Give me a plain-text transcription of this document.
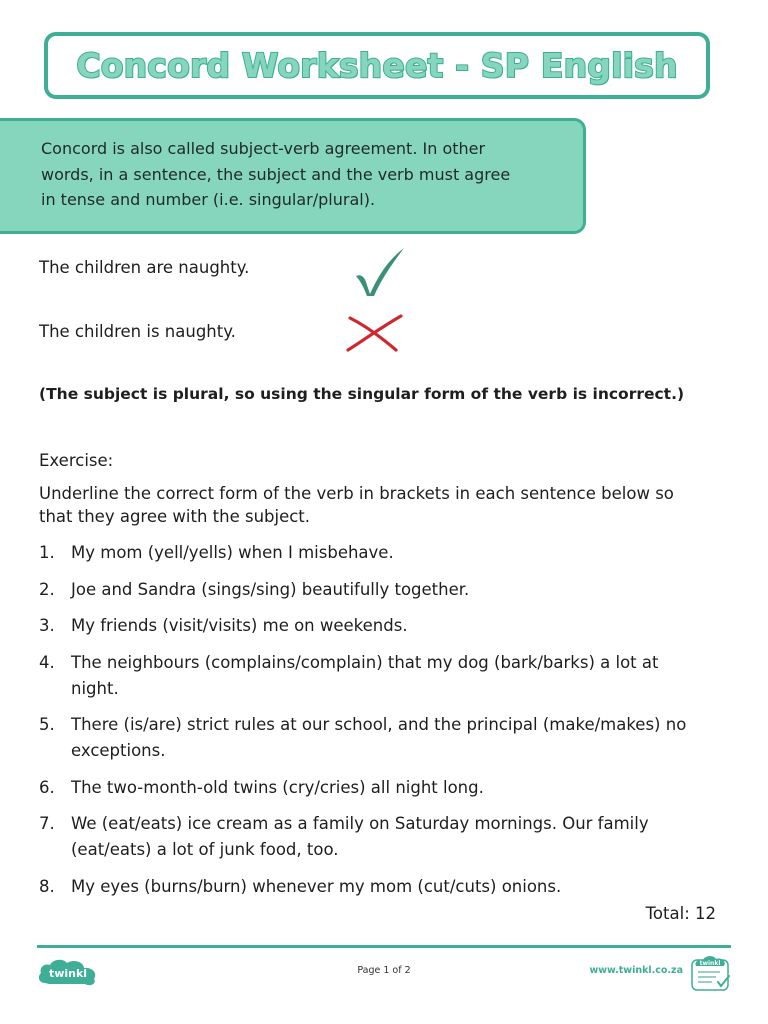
Concord Worksheet - SP English
Concord is also called subject-verb agreement. In other
words, in a sentence, the subject and the verb must agree
in tense and number (i.e. singular/plural).
The children are naughty.
The children is naughty.
(The subject is plural, so using the singular form of the verb is incorrect.)
Exercise:
Underline the correct form of the verb in brackets in each sentence below so
that they agree with the subject.
1. My mom (yell/yells) when I misbehave.
2. Joe and Sandra (sings/sing) beautifully together.
3. My friends (visit/visits) me on weekends.
4. The neighbours (complains/complain) that my dog (bark/barks) a lot at
night.
5. There (is/are) strict rules at our school, and the principal (make/makes) no
exceptions.
6. The two-month-old twins (cry/cries) all night long.
7. We (eat/eats) ice cream as a family on Saturday mornings. Our family
(eat/eats) a lot of junk food, too.
8. My eyes (burns/burn) whenever my mom (cut/cuts) onions.
Total: 12
twinkl	Page 1 of 2	www.twinkl.co.za
twinkl
